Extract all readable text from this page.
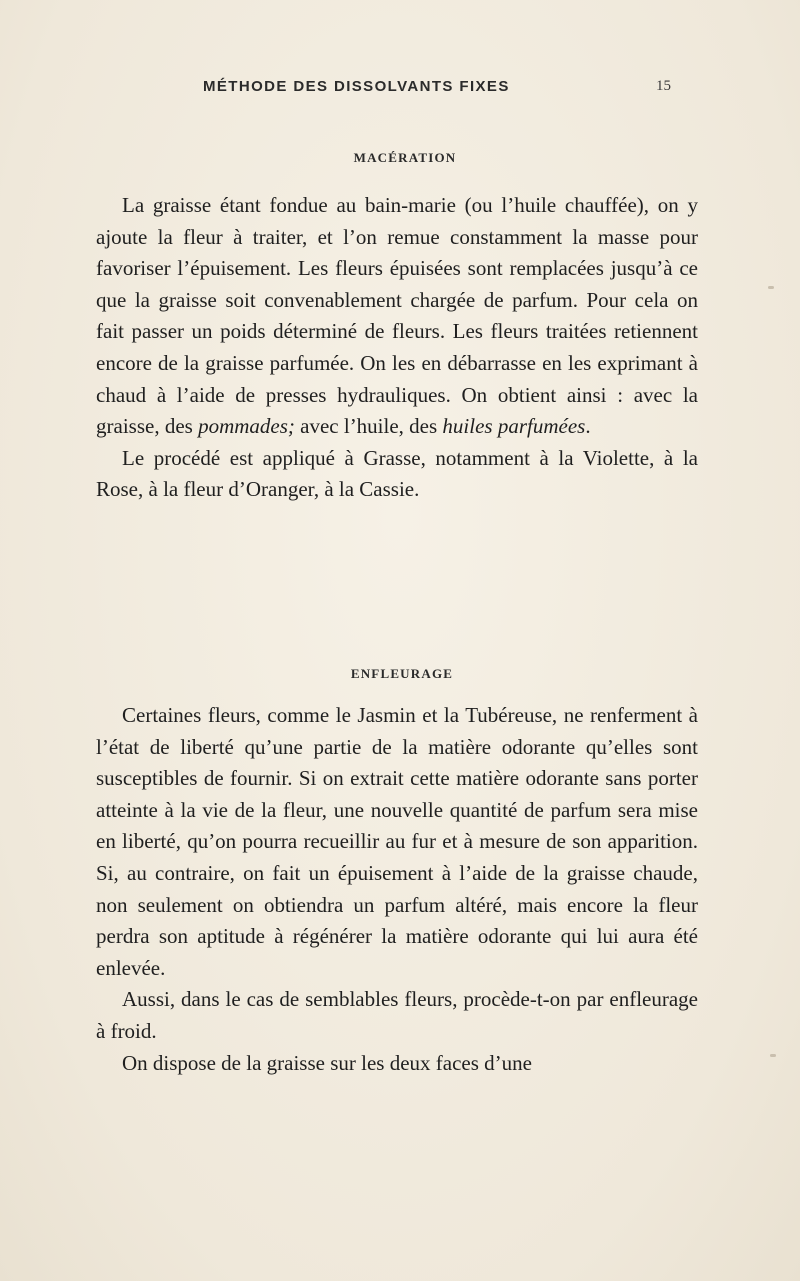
MÉTHODE DES DISSOLVANTS FIXES	15
MACÉRATION

La graisse étant fondue au bain-marie (ou l’huile chauffée), on y ajoute la fleur à traiter, et l’on remue constamment la masse pour favoriser l’épuisement. Les fleurs épuisées sont remplacées jusqu’à ce que la graisse soit convenablement chargée de parfum. Pour cela on fait passer un poids déterminé de fleurs. Les fleurs traitées retiennent encore de la graisse parfumée. On les en débarrasse en les exprimant à chaud à l’aide de presses hydrauliques. On obtient ainsi : avec la graisse, des pommades; avec l’huile, des huiles parfumées.

Le procédé est appliqué à Grasse, notamment à la Violette, à la Rose, à la fleur d’Oranger, à la Cassie.

ENFLEURAGE

Certaines fleurs, comme le Jasmin et la Tubéreuse, ne renferment à l’état de liberté qu’une partie de la matière odorante qu’elles sont susceptibles de fournir. Si on extrait cette matière odorante sans porter atteinte à la vie de la fleur, une nouvelle quantité de parfum sera mise en liberté, qu’on pourra recueillir au fur et à mesure de son apparition. Si, au contraire, on fait un épuisement à l’aide de la graisse chaude, non seulement on obtiendra un parfum altéré, mais encore la fleur perdra son aptitude à régénérer la matière odorante qui lui aura été enlevée.

Aussi, dans le cas de semblables fleurs, procède-t-on par enfleurage à froid.

On dispose de la graisse sur les deux faces d’une
